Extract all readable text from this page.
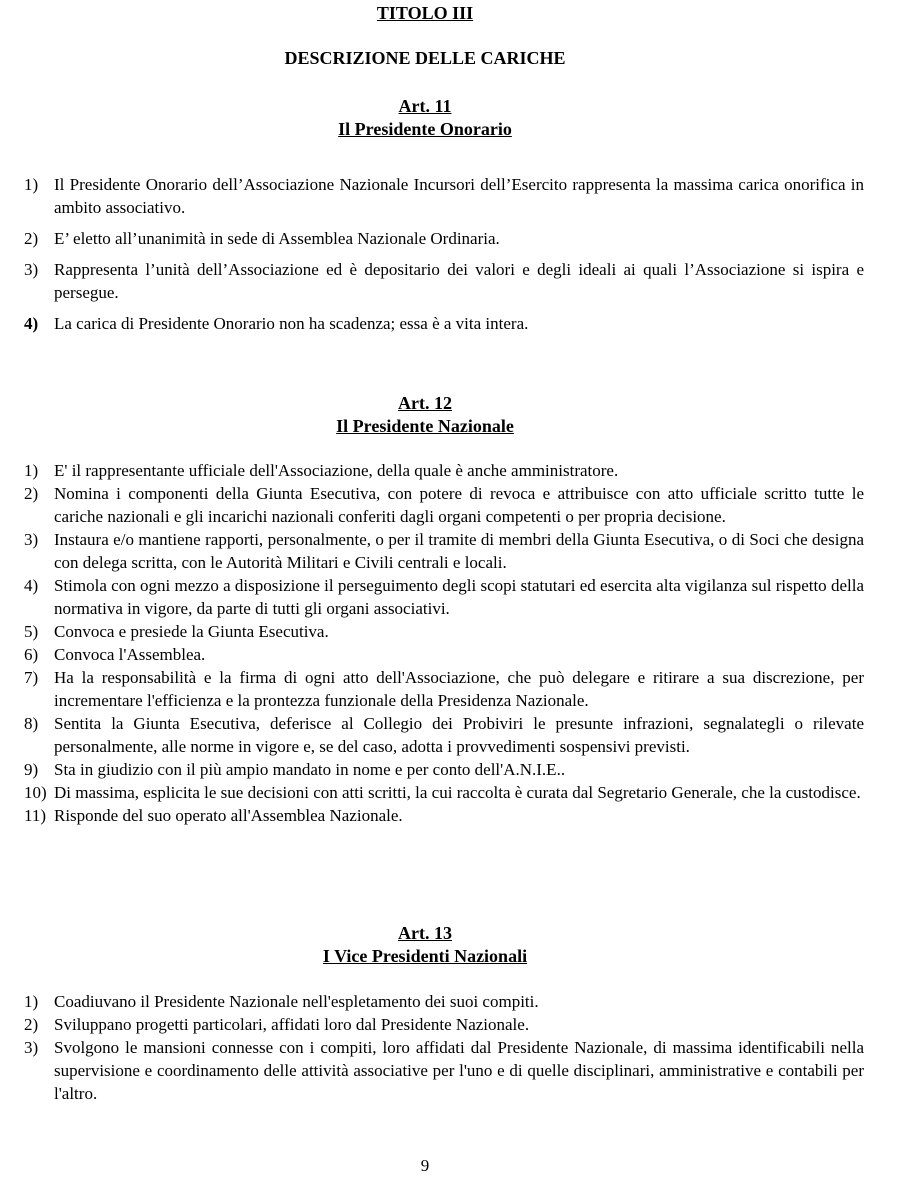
TITOLO III
DESCRIZIONE DELLE CARICHE
Art. 11
Il Presidente Onorario
1) Il Presidente Onorario dell’Associazione Nazionale Incursori dell’Esercito rappresenta la massima carica onorifica in ambito associativo.
2) E’ eletto all’unanimità in sede di Assemblea Nazionale Ordinaria.
3) Rappresenta l’unità dell’Associazione ed è depositario dei valori e degli ideali ai quali l’Associazione si ispira e persegue.
4) La carica di Presidente Onorario non ha scadenza; essa è a vita intera.
Art. 12
Il Presidente Nazionale
1) E' il rappresentante ufficiale dell'Associazione, della quale è anche amministratore.
2) Nomina i componenti della Giunta Esecutiva, con potere di revoca e attribuisce con atto ufficiale scritto tutte le cariche nazionali e gli incarichi nazionali conferiti dagli organi competenti o per propria decisione.
3) Instaura e/o mantiene rapporti, personalmente, o per il tramite di membri della Giunta Esecutiva, o di Soci che designa con delega scritta, con le Autorità Militari e Civili centrali e locali.
4) Stimola con ogni mezzo a disposizione il perseguimento degli scopi statutari ed esercita alta vigilanza sul rispetto della normativa in vigore, da parte di tutti gli organi associativi.
5) Convoca e presiede la Giunta Esecutiva.
6) Convoca l'Assemblea.
7) Ha la responsabilità e la firma di ogni atto dell'Associazione, che può delegare e ritirare a sua discrezione, per incrementare l'efficienza e la prontezza funzionale della Presidenza Nazionale.
8) Sentita la Giunta Esecutiva, deferisce al Collegio dei Probiviri le presunte infrazioni, segnalategli o rilevate personalmente, alle norme in vigore e, se del caso, adotta i provvedimenti sospensivi previsti.
9) Sta in giudizio con il più ampio mandato in nome e per conto dell'A.N.I.E..
10) Di massima, esplicita le sue decisioni con atti scritti, la cui raccolta è curata dal Segretario Generale, che la custodisce.
11) Risponde del suo operato all'Assemblea Nazionale.
Art. 13
I Vice Presidenti Nazionali
1) Coadiuvano il Presidente Nazionale nell'espletamento dei suoi compiti.
2) Sviluppano progetti particolari, affidati loro dal Presidente Nazionale.
3) Svolgono le mansioni connesse con i compiti, loro affidati dal Presidente Nazionale, di massima identificabili nella supervisione e coordinamento delle attività associative per l'uno e di quelle disciplinari, amministrative e contabili per l'altro.
9
